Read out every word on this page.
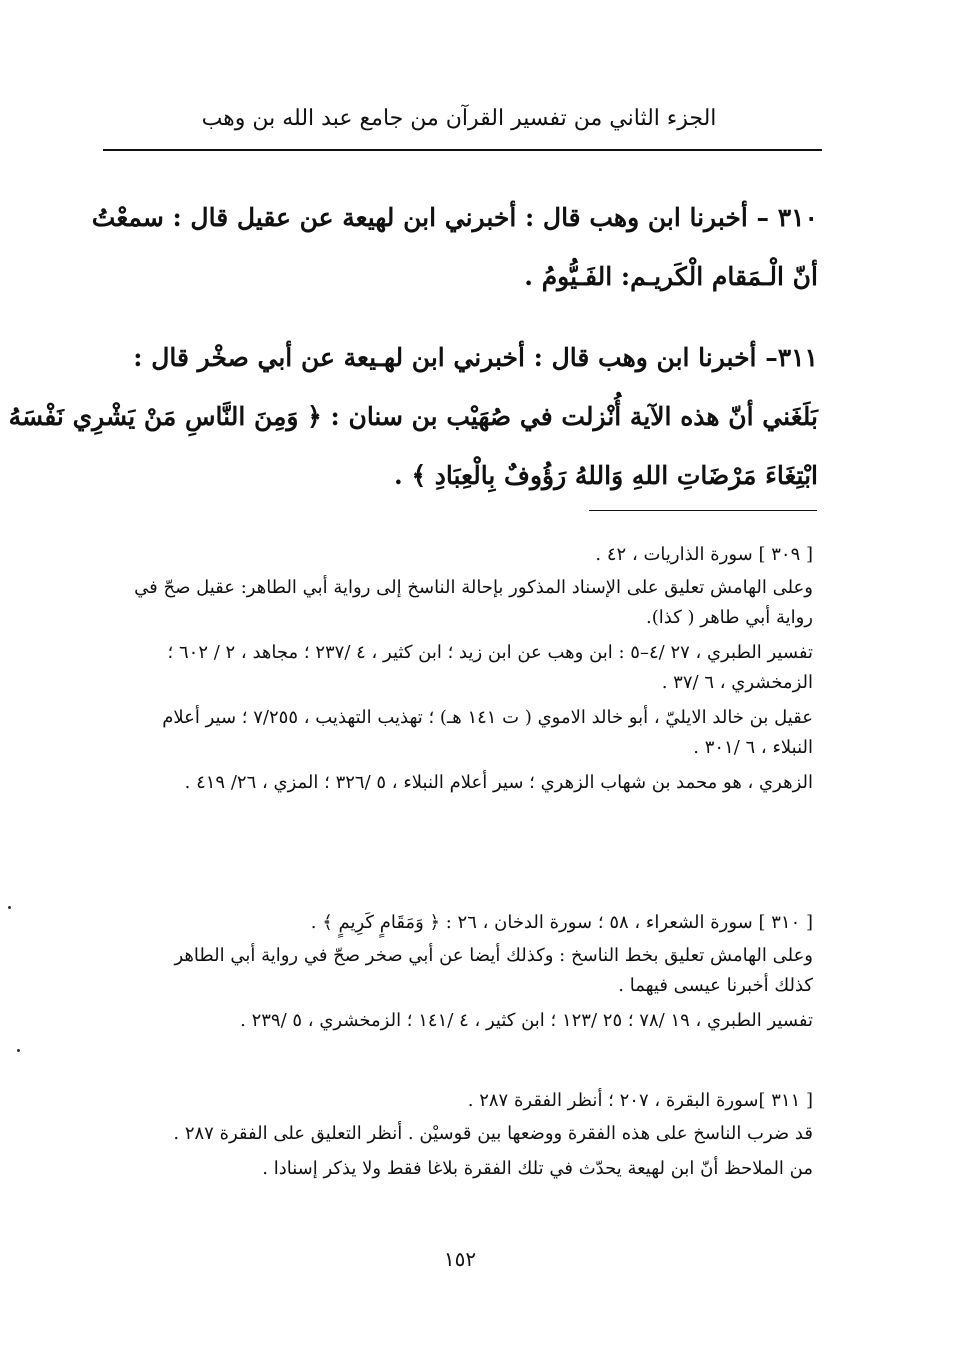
الجزء الثاني من تفسير القرآن من جامع عبد الله بن وهب
٣١٠ – أخبرنا ابن وهب قال : أخبرني ابن لهيعة عن عقيل قال : سمعْتُ
أنّ الْـمَقام الْكَريـم: الفَـيُّومُ .
٣١١– أخبرنا ابن وهب قال : أخبرني ابن لهـيعة عن أبي صخْر قال :
بَلَغَني أنّ هذه الآية أُنْزلت في صُهَيْب بن سنان : ﴿ وَمِنَ النَّاسِ مَنْ يَشْرِي نَفْسَهُ
ابْتِغَاءَ مَرْضَاتِ اللهِ وَاللهُ رَؤُوفٌ بِالْعِبَادِ ﴾ .

[ ٣٠٩ ] سورة الذاريات ، ٤٢ .

وعلى الهامش تعليق على الإسناد المذكور بإحالة الناسخ إلى رواية أبي الطاهر: عقيل صحّ في رواية أبي طاهر ( كذا).

تفسير الطبري ، ٢٧ /٤–٥ : ابن وهب عن ابن زيد ؛ ابن كثير ، ٤ /٢٣٧ ؛ مجاهد ، ٢ / ٦٠٢ ؛ الزمخشري ، ٦ /٣٧ .

عقيل بن خالد الايليّ ، أبو خالد الاموي ( ت ١٤١ هـ) ؛ تهذيب التهذيب ، ٧/٢٥٥ ؛ سير أعلام النبلاء ، ٦ /٣٠١ .

الزهري ، هو محمد بن شهاب الزهري ؛ سير أعلام النبلاء ، ٥ /٣٢٦ ؛ المزي ، ٢٦/ ٤١٩ .

[ ٣١٠ ] سورة الشعراء ، ٥٨ ؛ سورة الدخان ، ٢٦ : ﴿ وَمَقَامٍ كَرِيمٍ ﴾ .

وعلى الهامش تعليق بخط الناسخ : وكذلك أيضا عن أبي صخر صحّ في رواية أبي الطاهر كذلك أخبرنا عيسى فيهما .

تفسير الطبري ، ١٩ /٧٨ ؛ ٢٥ /١٢٣ ؛ ابن كثير ، ٤ /١٤١ ؛ الزمخشري ، ٥ /٢٣٩ .

[ ٣١١ ]سورة البقرة ، ٢٠٧ ؛ أنظر الفقرة ٢٨٧ .

قد ضرب الناسخ على هذه الفقرة ووضعها بين قوسيْن . أنظر التعليق على الفقرة ٢٨٧ .

من الملاحظ أنّ ابن لهيعة يحدّث في تلك الفقرة بلاغا فقط ولا يذكر إسنادا .

١٥٢
